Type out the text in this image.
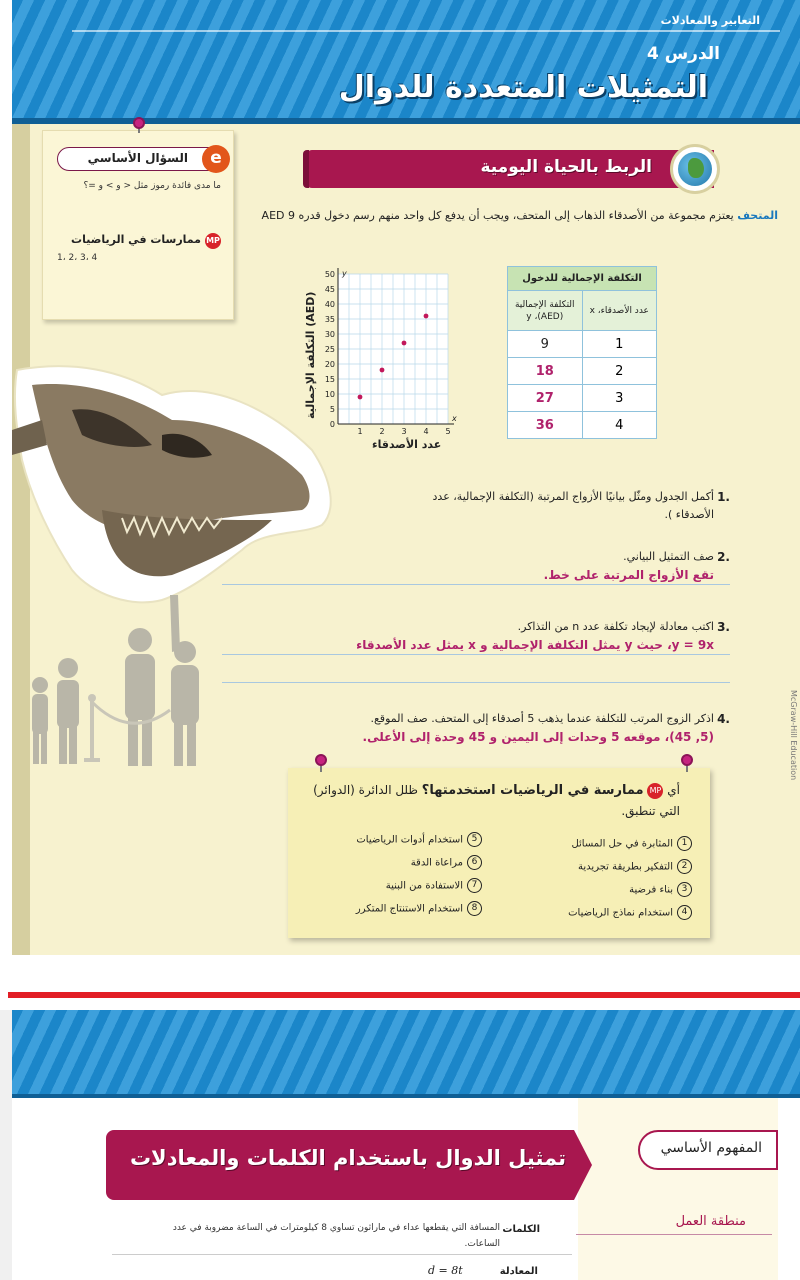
التعابير والمعادلات
الدرس 4
التمثيلات المتعددة للدوال
McGraw-Hill Education
السؤال الأساسي	e
ما مدى فائدة رموز مثل < و > و =؟
MP
ممارسات في الرياضيات
1، 2، 3، 4
الربط بالحياة اليومية
المتحف يعتزم مجموعة من الأصدقاء الذهاب إلى المتحف، ويجب أن يدفع كل واحد منهم رسم دخول قدره 9 AED
y
x
0
5
10
15
20
25
30
35
40
45
50
1 2 3 4 5
التكلفة الإجمالية (AED)
عدد الأصدقاء
التكلفة الإجمالية للدخول	
التكلفة الإجمالية (AED)، y	عدد الأصدقاء، x
9	1
18	2
27	3
36	4
1.
أكمل الجدول ومثّل بيانيًا الأزواج المرتبة (التكلفة الإجمالية، عدد الأصدقاء ).
2.
صف التمثيل البياني.
تقع الأزواج المرتبة على خط.
3.
اكتب معادلة لإيجاد تكلفة عدد n من التذاكر.
y = 9x، حيث y يمثل التكلفة الإجمالية و x يمثل عدد الأصدقاء
4.
اذكر الزوج المرتب للتكلفة عندما يذهب 5 أصدقاء إلى المتحف. صف الموقع.
(5, 45)، موقعه 5 وحدات إلى اليمين و 45 وحدة إلى الأعلى.
أي MP ممارسة في الرياضيات استخدمتها؟ ظلل الدائرة (الدوائر) التي تنطبق.
1المثابرة في حل المسائل
2التفكير بطريقة تجريدية
3بناء فرضية
4استخدام نماذج الرياضيات
5استخدام أدوات الرياضيات
6مراعاة الدقة
7الاستفادة من البنية
8استخدام الاستنتاج المتكرر
تمثيل الدوال باستخدام الكلمات والمعادلات	المفهوم الأساسي
منطقة العمل
الكلمات
المسافة التي يقطعها عداء في ماراثون تساوي 8 كيلومترات في الساعة مضروبة في عدد الساعات.
المعادلة
d = 8t
